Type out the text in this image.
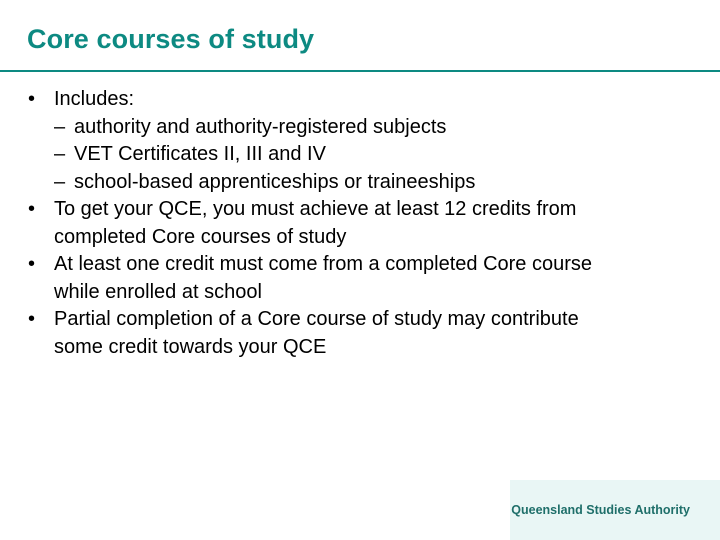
Core courses of study
• Includes:
– authority and authority-registered subjects
– VET Certificates II, III and IV
– school-based apprenticeships or traineeships
• To get your QCE, you must achieve at least 12 credits from
completed Core courses of study
• At least one credit must come from a completed Core course
while enrolled at school
• Partial completion of a Core course of study may contribute
some credit towards your QCE
Queensland Studies Authority
